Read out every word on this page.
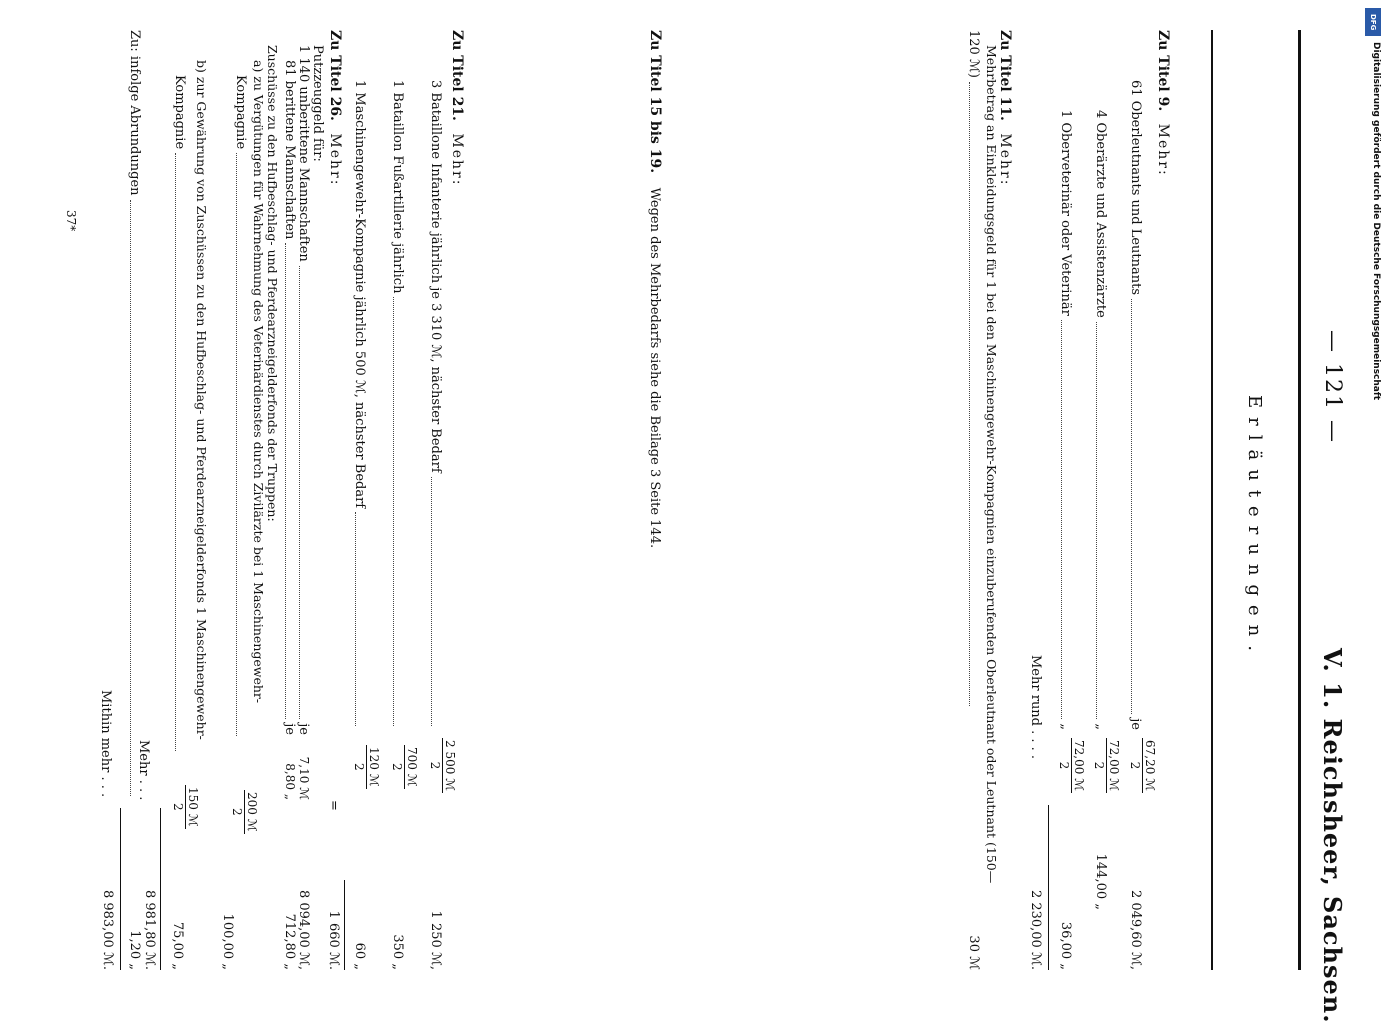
— 121 —
V. 1. Reichsheer, Sachsen.
Erläuterungen.
Zu Titel 9. Mehr:
61 Oberleutnants und Leutnants
je
67,20 ℳ
2
2 049,60 ℳ,
4 Oberärzte und Assistenzärzte
„
72,00 ℳ
2
144,00 „
1 Oberveterinär oder Veterinär
„
72,00 ℳ
2
36,00 „
Mehr rund . . . .
2 230,00 ℳ.
Zu Titel 11. Mehr:
Mehrbetrag an Einkleidungsgeld für 1 bei den Maschinengewehr-Kompagnien einzuberufenden Oberleutnant oder Leutnant (150—
120 ℳ)
30 ℳ
Zu Titel 15 bis 19. Wegen des Mehrbedarfs siehe die Beilage 3 Seite 144.
Zu Titel 21. Mehr:
3 Bataillone Infanterie jährlich je 3 310 ℳ, nächster Bedarf
2 500 ℳ
2
1 250 ℳ,
1 Bataillon Fußartillerie jährlich
700 ℳ
2
350 „
1 Maschinengewehr-Kompagnie jährlich 500 ℳ, nächster Bedarf
120 ℳ
2
60 „
=
1 660 ℳ.
Zu Titel 26. Mehr:
Putzzeuggeld für:
1 140 unberittene Mannschaften
je
7,10 ℳ
8 094,00 ℳ,
81 berittene Mannschaften
je
8,80 „
712,80 „
Zuschüsse zu den Hufbeschlag- und Pferdearzneigelderfonds der Truppen:
a) zu Vergütungen für Wahrnehmung des Veterinärdienstes durch Zivilärzte bei 1 Maschinengewehr-
Kompagnie
200 ℳ
2
100,00 „
b) zur Gewährung von Zuschüssen zu den Hufbeschlag- und Pferdearzneigelderfonds 1 Maschinengewehr-
Kompagnie
150 ℳ
2
75,00 „
Mehr . . .
8 981,80 ℳ.
Zu: infolge Abrundungen
1,20 „
Mithin mehr . . .
8 983,00 ℳ.
37*
DFG
Digitalisierung gefördert durch die Deutsche Forschungsgemeinschaft
